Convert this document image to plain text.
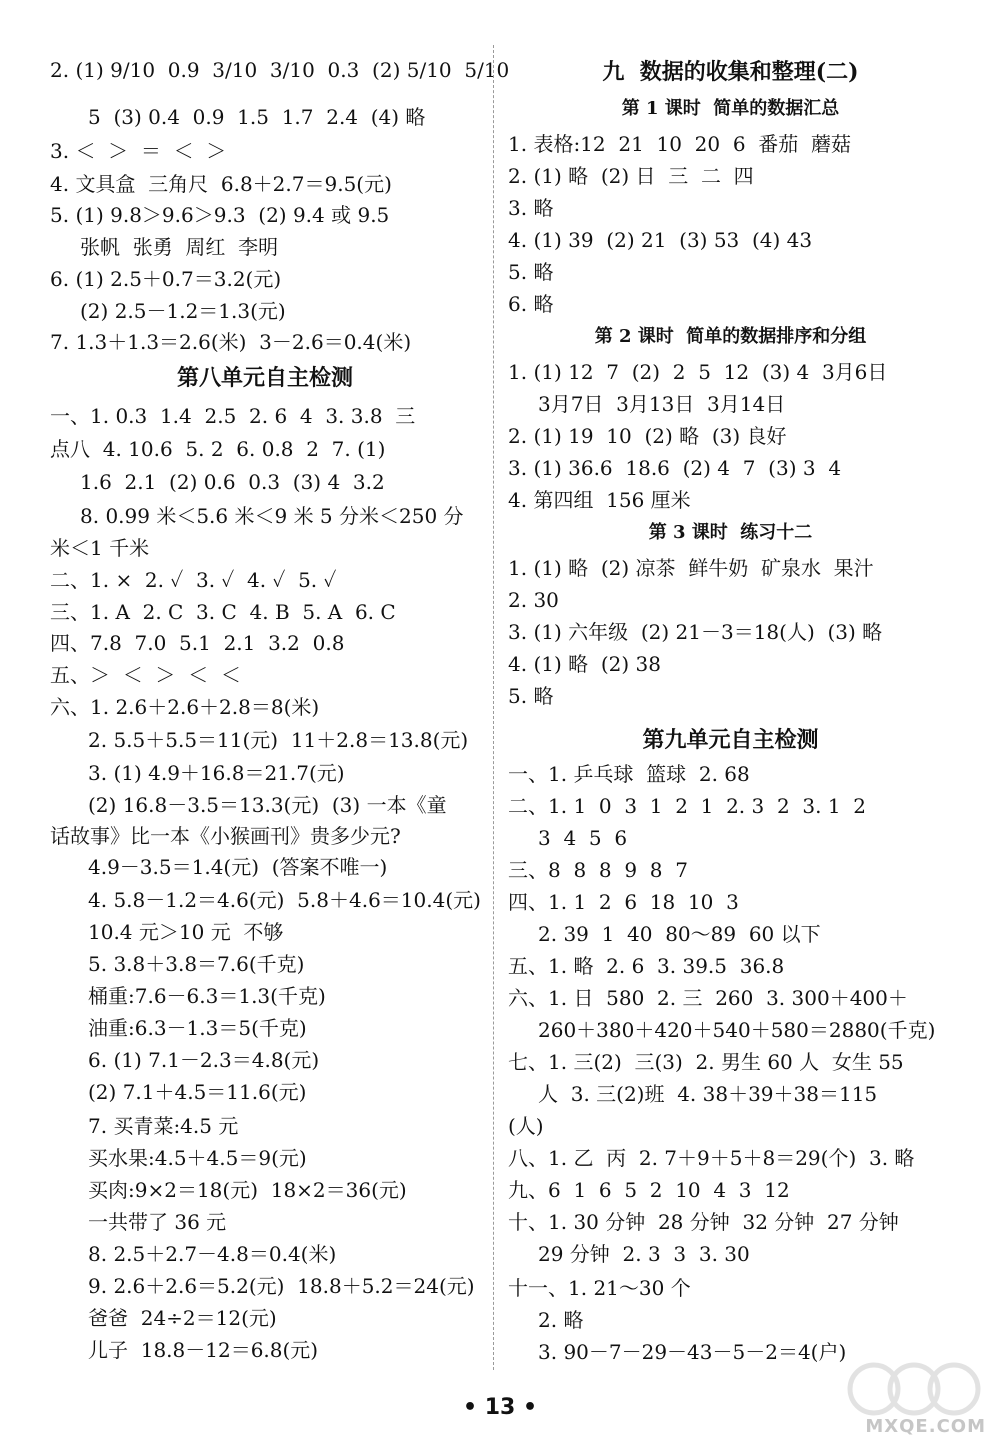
2. (1) 9/10  0.9  3/10  3/10  0.3  (2) 5/10  5/10
5  (3) 0.4  0.9  1.5  1.7  2.4  (4) 略
3. ＜  ＞  ＝  ＜  ＞
4. 文具盒  三角尺  6.8＋2.7＝9.5(元)
5. (1) 9.8＞9.6＞9.3  (2) 9.4 或 9.5
张帆  张勇  周红  李明
6. (1) 2.5＋0.7＝3.2(元)
(2) 2.5－1.2＝1.3(元)
7. 1.3＋1.3＝2.6(米)  3－2.6＝0.4(米)
第八单元自主检测
一、1. 0.3  1.4  2.5  2. 6  4  3. 3.8  三
点八  4. 10.6  5. 2  6. 0.8  2  7. (1)
1.6  2.1  (2) 0.6  0.3  (3) 4  3.2
8. 0.99 米＜5.6 米＜9 米 5 分米＜250 分
米＜1 千米
二、1. ×  2. ✓  3. ✓  4. ✓  5. ✓
三、1. A  2. C  3. C  4. B  5. A  6. C
四、7.8  7.0  5.1  2.1  3.2  0.8
五、＞  ＜  ＞  ＜  ＜
六、1. 2.6＋2.6＋2.8＝8(米)
2. 5.5＋5.5＝11(元)  11＋2.8＝13.8(元)
3. (1) 4.9＋16.8＝21.7(元)
(2) 16.8－3.5＝13.3(元)  (3) 一本《童
话故事》比一本《小猴画刊》贵多少元?
4.9－3.5＝1.4(元)  (答案不唯一)
4. 5.8－1.2＝4.6(元)  5.8＋4.6＝10.4(元)
10.4 元＞10 元  不够
5. 3.8＋3.8＝7.6(千克)
桶重:7.6－6.3＝1.3(千克)
油重:6.3－1.3＝5(千克)
6. (1) 7.1－2.3＝4.8(元)
(2) 7.1＋4.5＝11.6(元)
7. 买青菜:4.5 元
买水果:4.5＋4.5＝9(元)
买肉:9×2＝18(元)  18×2＝36(元)
一共带了 36 元
8. 2.5＋2.7－4.8＝0.4(米)
9. 2.6＋2.6＝5.2(元)  18.8＋5.2＝24(元)
爸爸  24÷2＝12(元)
儿子  18.8－12＝6.8(元)
九  数据的收集和整理(二)
第 1 课时  简单的数据汇总
1. 表格:12  21  10  20  6  番茄  蘑菇
2. (1) 略  (2) 日  三  二  四
3. 略
4. (1) 39  (2) 21  (3) 53  (4) 43
5. 略
6. 略
第 2 课时  简单的数据排序和分组
1. (1) 12  7  (2)  2  5  12  (3) 4  3月6日
3月7日  3月13日  3月14日
2. (1) 19  10  (2) 略  (3) 良好
3. (1) 36.6  18.6  (2) 4  7  (3) 3  4
4. 第四组  156 厘米
第 3 课时  练习十二
1. (1) 略  (2) 凉茶  鲜牛奶  矿泉水  果汁
2. 30
3. (1) 六年级  (2) 21－3＝18(人)  (3) 略
4. (1) 略  (2) 38
5. 略
第九单元自主检测
一、1. 乒乓球  篮球  2. 68
二、1. 1  0  3  1  2  1  2. 3  2  3. 1  2
3  4  5  6
三、8  8  8  9  8  7
四、1. 1  2  6  18  10  3
2. 39  1  40  80～89  60 以下
五、1. 略  2. 6  3. 39.5  36.8
六、1. 日  580  2. 三  260  3. 300＋400＋
260＋380＋420＋540＋580＝2880(千克)
七、1. 三(2)  三(3)  2. 男生 60 人  女生 55
人  3. 三(2)班  4. 38＋39＋38＝115
(人)
八、1. 乙  丙  2. 7＋9＋5＋8＝29(个)  3. 略
九、6  1  6  5  2  10  4  3  12
十、1. 30 分钟  28 分钟  32 分钟  27 分钟
29 分钟  2. 3  3  3. 30
十一、1. 21～30 个
2. 略
3. 90－7－29－43－5－2＝4(户)
• 13 •
MXQE.COM
